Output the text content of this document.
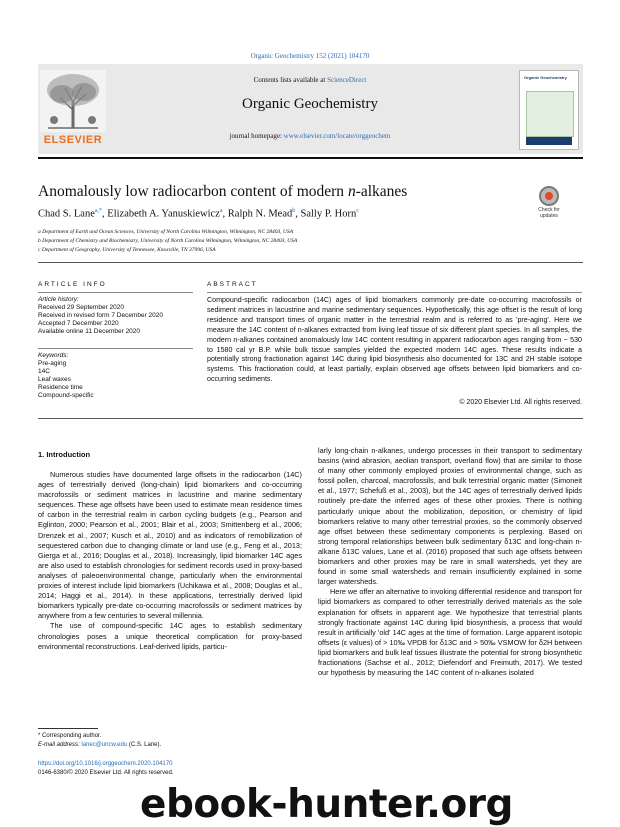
Organic Geochemistry 152 (2021) 104170
ELSEVIER
Contents lists available at ScienceDirect
Organic Geochemistry
journal homepage: www.elsevier.com/locate/orggeochem
Organic Geochemistry
Anomalously low radiocarbon content of modern n-alkanes
Check for
updates
Chad S. Lane$^{a,*}$, Elizabeth A. Yanuskiewicz$^a$, Ralph N. Mead$^b$, Sally P. Horn$^c$
a Department of Earth and Ocean Sciences, University of North Carolina Wilmington, Wilmington, NC 28403, USA
b Department of Chemistry and Biochemistry, University of North Carolina Wilmington, Wilmington, NC 28403, USA
c Department of Geography, University of Tennessee, Knoxville, TN 37996, USA
ARTICLE INFO
Article history:
Received 29 September 2020
Received in revised form 7 December 2020
Accepted 7 December 2020
Available online 11 December 2020
Keywords:
Pre-aging
14C
Leaf waxes
Residence time
Compound-specific
ABSTRACT
Compound-specific radiocarbon (14C) ages of lipid biomarkers commonly pre-date co-occurring macrofossils or sediment matrices in lacustrine and marine sedimentary sequences. Hypothetically, this age offset is the result of long residence and transport times of organic matter in the terrestrial realm and is referred to as 'pre-aging'. Here we measure the 14C content of n-alkanes extracted from living leaf tissue of six different plant species. In all samples, the modern n-alkanes contained anomalously low 14C content resulting in apparent radiocarbon ages ranging from ~ 530 to 1580 cal yr B.P. while bulk tissue samples yielded the expected modern 14C ages. These results indicate a potentially strong fractionation against 14C during lipid biosynthesis also documented for 13C and 2H stable isotope systems. This fractionation could, at least partially, explain observed age offsets between lipid biomarkers and co-occurring sediments.
© 2020 Elsevier Ltd. All rights reserved.
1. Introduction

Numerous studies have documented large offsets in the radiocarbon (14C) ages of terrestrially derived (long-chain) lipid biomarkers and co-occurring macrofossils or sediment matrices in lacustrine and marine sedimentary sequences. These age offsets have been used to estimate mean residence times of carbon in the terrestrial realm in carbon cycling budgets (e.g., Pearson and Eglinton, 2000; Pearson et al., 2001; Blair et al., 2003; Smittenberg et al., 2006; Drenzek et al., 2007; Kusch et al., 2010) and as indicators of remobilization of sequestered carbon due to changing climate or land use (e.g., Feng et al., 2013; Gierga et al., 2016; Douglas et al., 2018). Increasingly, lipid biomarker 14C ages are also used to establish chronologies for sediment records used in proxy-based analyses of paleoenvironmental change, particularly when the environmental proxies of interest include lipid biomarkers (Uchikawa et al., 2008; Douglas et al., 2014; Haggi et al., 2014). In these applications, terrestrially derived lipid biomarkers typically pre-date co-occurring macrofossils or sediment matrices by anywhere from a few centuries to several millennia.

The use of compound-specific 14C ages to establish sedimentary chronologies poses a unique theoretical complication for proxy-based environmental reconstructions. Leaf-derived lipids, particu-

larly long-chain n-alkanes, undergo processes in their transport to sedimentary basins (wind abrasion, aeolian transport, overland flow) that are similar to those of many other commonly employed proxies of environmental change, such as fossil pollen, charcoal, macrofossils, and bulk terrestrial organic matter (Simoneit et al., 1977; Schefuß et al., 2003), but the 14C ages of terrestrially derived lipids routinely pre-date the inferred ages of these other proxies. There is nothing particularly unique about the mobilization, deposition, or chemistry of lipid biomarkers relative to many other terrestrial proxies, so the commonly observed age offset between these sedimentary components is perplexing. Based on strong temporal relationships between bulk sedimentary δ13C and long-chain n-alkane δ13C values, Lane et al. (2016) proposed that such age offsets between biomarkers and other proxies may be rare in small watersheds, yet they are found in some small watersheds and remain insufficiently explained in some larger watersheds.

Here we offer an alternative to invoking differential residence and transport for lipid biomarkers as compared to other terrestrially derived materials as the sole explanation for offsets in apparent age. We hypothesize that terrestrial plants strongly fractionate against 14C during lipid biosynthesis, a process that would result in artificially 'old' 14C ages at the time of formation. Large apparent isotopic offsets (ε values) of > 10‰ VPDB for δ13C and > 50‰ VSMOW for δ2H between lipid biomarkers and bulk leaf tissues illustrate the potential for strong biosynthetic fractionations (Sachse et al., 2012; Diefendorf and Freimuth, 2017). We tested our hypothesis by measuring the 14C content of n-alkanes isolated

* Corresponding author.
E-mail address: lanec@uncw.edu (C.S. Lane).
https://doi.org/10.1016/j.orggeochem.2020.104170
0146-6380/© 2020 Elsevier Ltd. All rights reserved.
ebook-hunter.org
